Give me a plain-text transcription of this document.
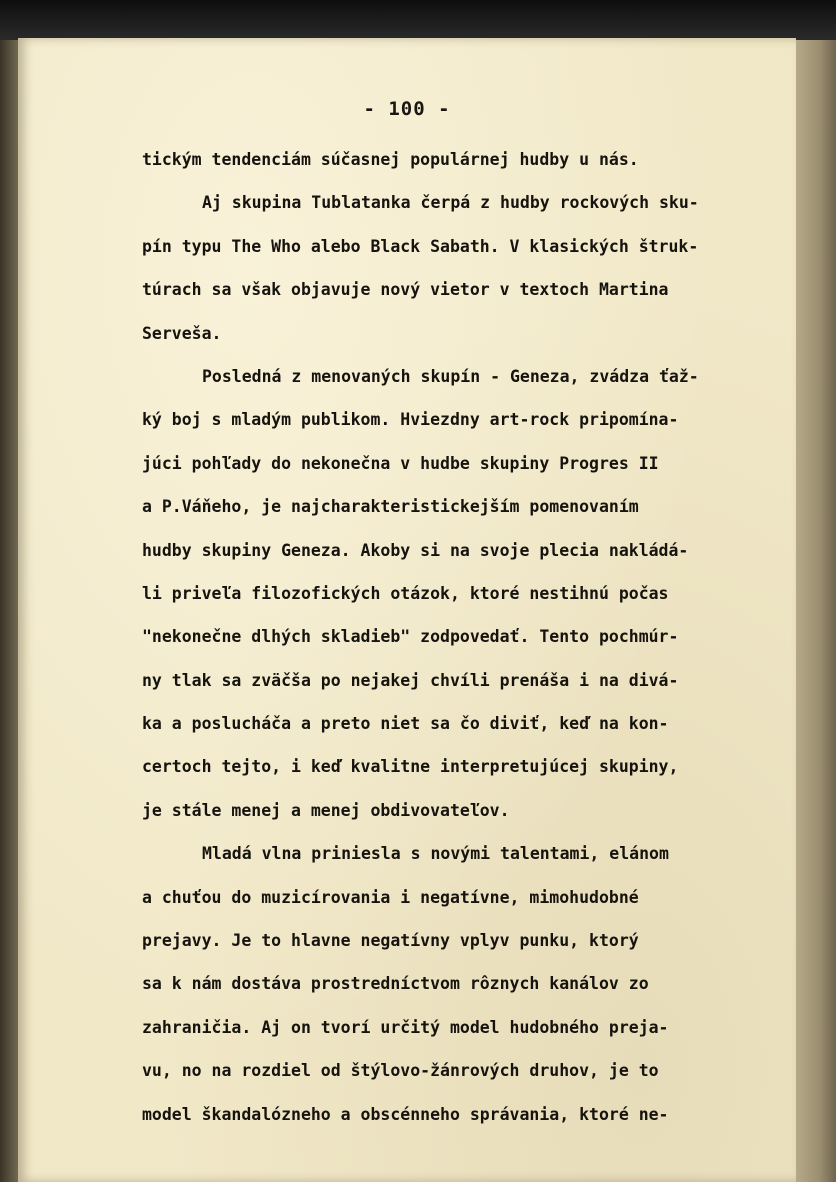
- 100 -
tickým tendenciám súčasnej populárnej hudby u nás.
Aj skupina Tublatanka čerpá z hudby rockových sku-
pín typu The Who alebo Black Sabath. V klasických štruk-
túrach sa však objavuje nový vietor v textoch Martina
Serveša.
Posledná z menovaných skupín - Genezа, zvádza ťaž-
ký boj s mladým publikom. Hviezdny art-rock pripomína-
júci pohľady do nekonečna v hudbe skupiny Progres II
a P.Váňeho, je najcharakteristickejším pomenovaním
hudby skupiny Geneza. Akoby si na svoje plecia nakládá-
li priveľa filozofických otázok, ktoré nestihnú počas
"nekonečne dlhých skladieb" zodpovedať. Tento pochmúr-
ny tlak sa zväčša po nejakej chvíli prenáša i na divá-
ka a poslucháča a preto niet sa čo diviť, keď na kon-
certoch tejto, i keď kvalitne interpretujúcej skupiny,
je stále menej a menej obdivovateľov.
Mladá vlna priniesla s novými talentami, elánom
a chuťou do muzicírovania i negatívne, mimohudobné
prejavy. Je to hlavne negatívny vplyv punku, ktorý
sa k nám dostáva prostredníctvom rôznych kanálov zo
zahraničia. Aj on tvorí určitý model hudobného preja-
vu, no na rozdiel od štýlovo-žánrových druhov, je to
model škandalózneho a obscénneho správania, ktoré ne-
